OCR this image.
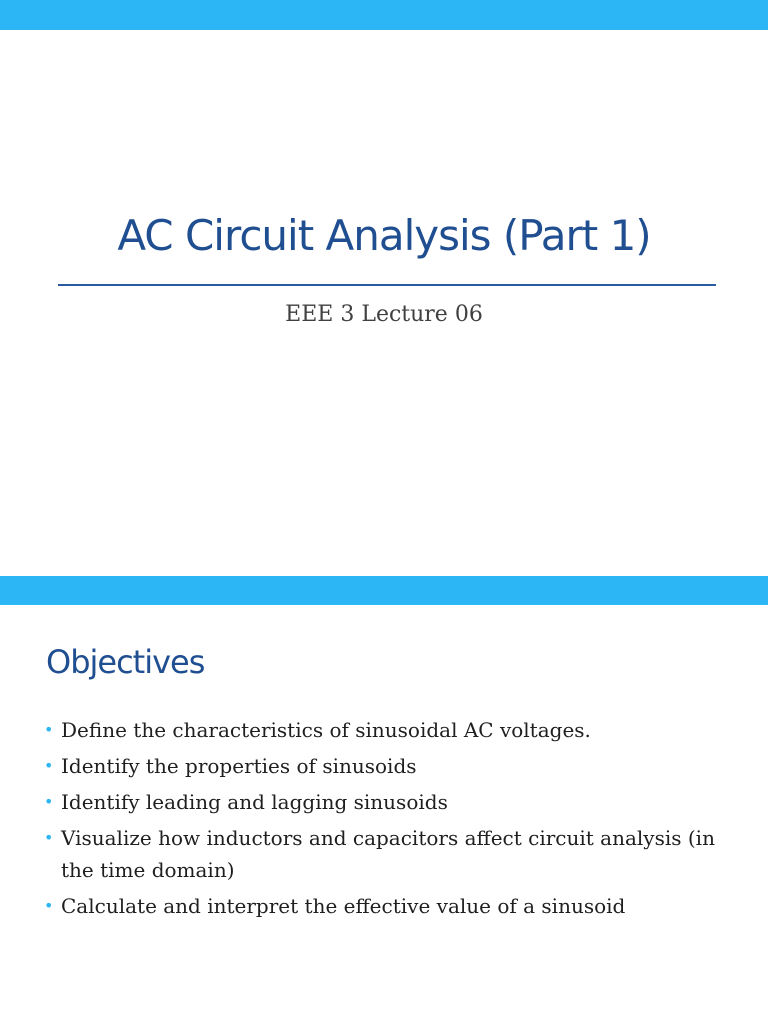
AC Circuit Analysis (Part 1)
EEE 3 Lecture 06
Objectives
• Define the characteristics of sinusoidal AC voltages.
• Identify the properties of sinusoids
• Identify leading and lagging sinusoids
• Visualize how inductors and capacitors affect circuit analysis (in the time domain)
• Calculate and interpret the effective value of a sinusoid
